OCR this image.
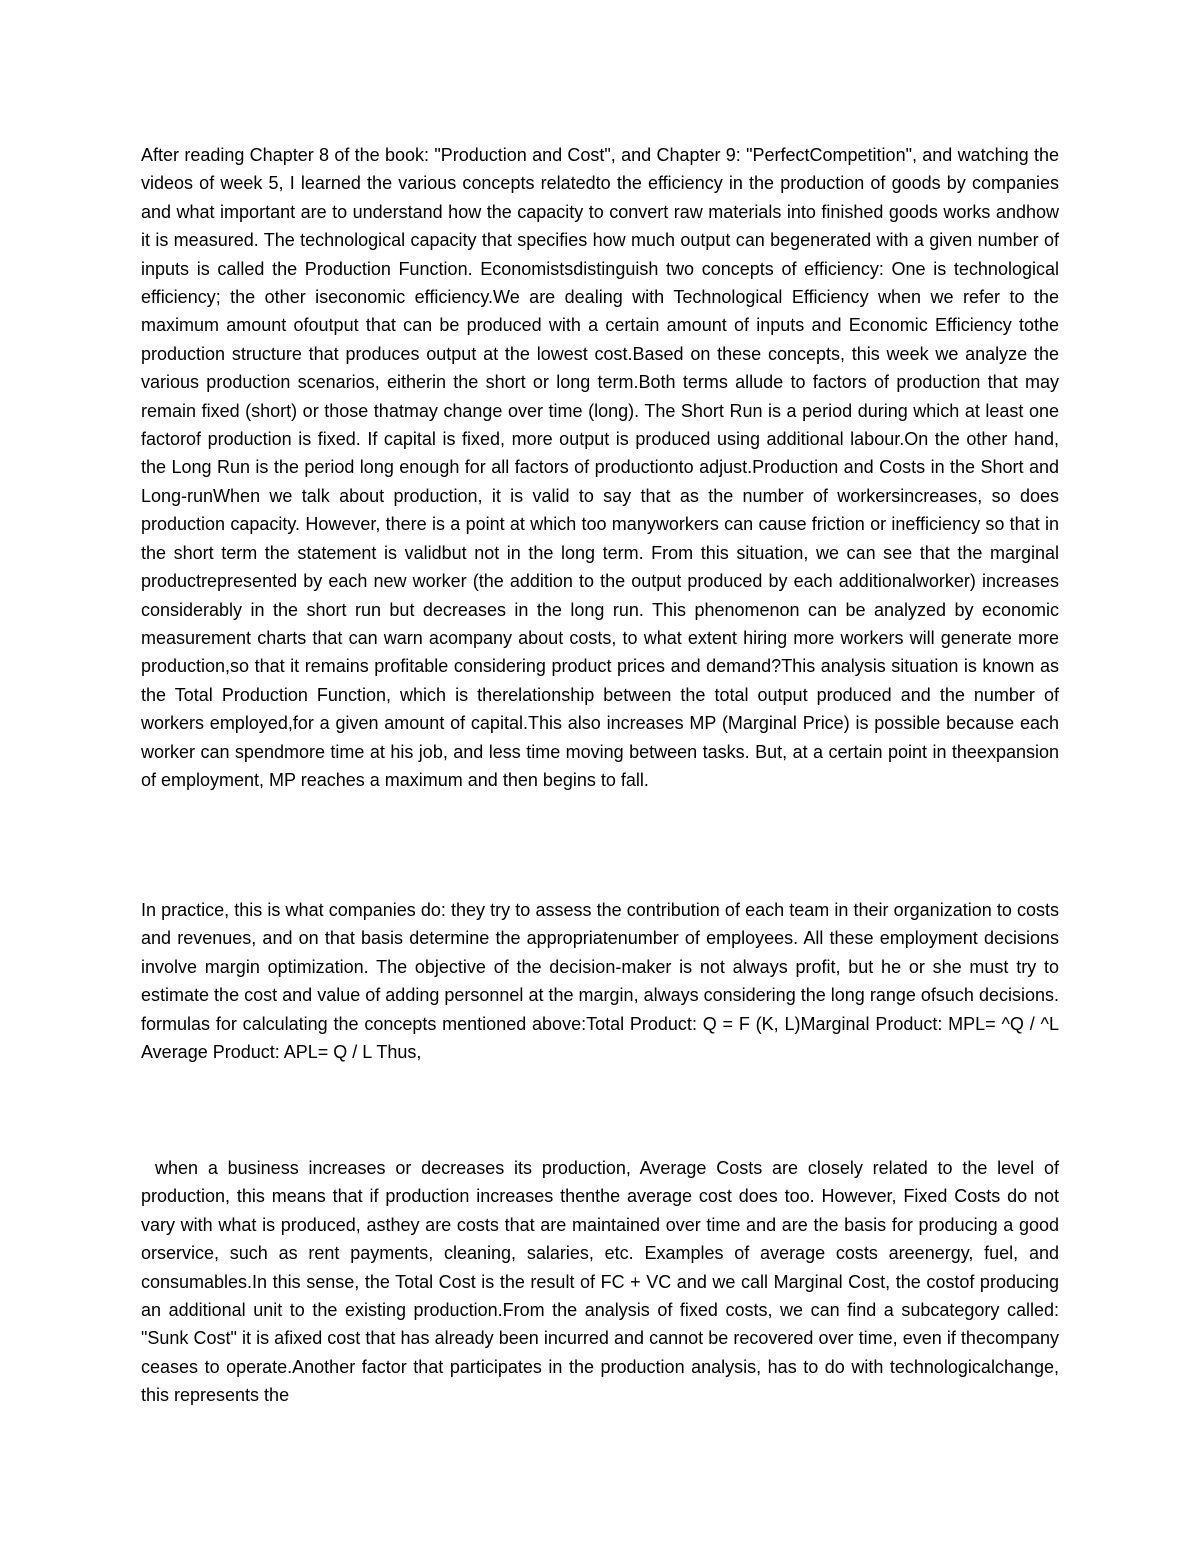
After reading Chapter 8 of the book: "Production and Cost", and Chapter 9: "PerfectCompetition", and watching the videos of week 5, I learned the various concepts relatedto the efficiency in the production of goods by companies and what important are to understand how the capacity to convert raw materials into finished goods works andhow it is measured. The technological capacity that specifies how much output can begenerated with a given number of inputs is called the Production Function. Economistsdistinguish two concepts of efficiency: One is technological efficiency; the other iseconomic efficiency.We are dealing with Technological Efficiency when we refer to the maximum amount ofoutput that can be produced with a certain amount of inputs and Economic Efficiency tothe production structure that produces output at the lowest cost.Based on these concepts, this week we analyze the various production scenarios, eitherin the short or long term.Both terms allude to factors of production that may remain fixed (short) or those thatmay change over time (long). The Short Run is a period during which at least one factorof production is fixed. If capital is fixed, more output is produced using additional labour.On the other hand, the Long Run is the period long enough for all factors of productionto adjust.Production and Costs in the Short and Long-runWhen we talk about production, it is valid to say that as the number of workersincreases, so does production capacity. However, there is a point at which too manyworkers can cause friction or inefficiency so that in the short term the statement is validbut not in the long term. From this situation, we can see that the marginal productrepresented by each new worker (the addition to the output produced by each additionalworker) increases considerably in the short run but decreases in the long run. This phenomenon can be analyzed by economic measurement charts that can warn acompany about costs, to what extent hiring more workers will generate more production,so that it remains profitable considering product prices and demand?This analysis situation is known as the Total Production Function, which is therelationship between the total output produced and the number of workers employed,for a given amount of capital.This also increases MP (Marginal Price) is possible because each worker can spendmore time at his job, and less time moving between tasks. But, at a certain point in theexpansion of employment, MP reaches a maximum and then begins to fall.

In practice, this is what companies do: they try to assess the contribution of each team in their organization to costs and revenues, and on that basis determine the appropriatenumber of employees. All these employment decisions involve margin optimization. The objective of the decision-maker is not always profit, but he or she must try to estimate the cost and value of adding personnel at the margin, always considering the long range ofsuch decisions. formulas for calculating the concepts mentioned above:Total Product: Q = F (K, L)Marginal Product: MPL= ^Q / ^L Average Product: APL= Q / L Thus,

when a business increases or decreases its production, Average Costs are closely related to the level of production, this means that if production increases thenthe average cost does too. However, Fixed Costs do not vary with what is produced, asthey are costs that are maintained over time and are the basis for producing a good orservice, such as rent payments, cleaning, salaries, etc. Examples of average costs areenergy, fuel, and consumables.In this sense, the Total Cost is the result of FC + VC and we call Marginal Cost, the costof producing an additional unit to the existing production.From the analysis of fixed costs, we can find a subcategory called: "Sunk Cost" it is afixed cost that has already been incurred and cannot be recovered over time, even if thecompany ceases to operate.Another factor that participates in the production analysis, has to do with technologicalchange, this represents the
